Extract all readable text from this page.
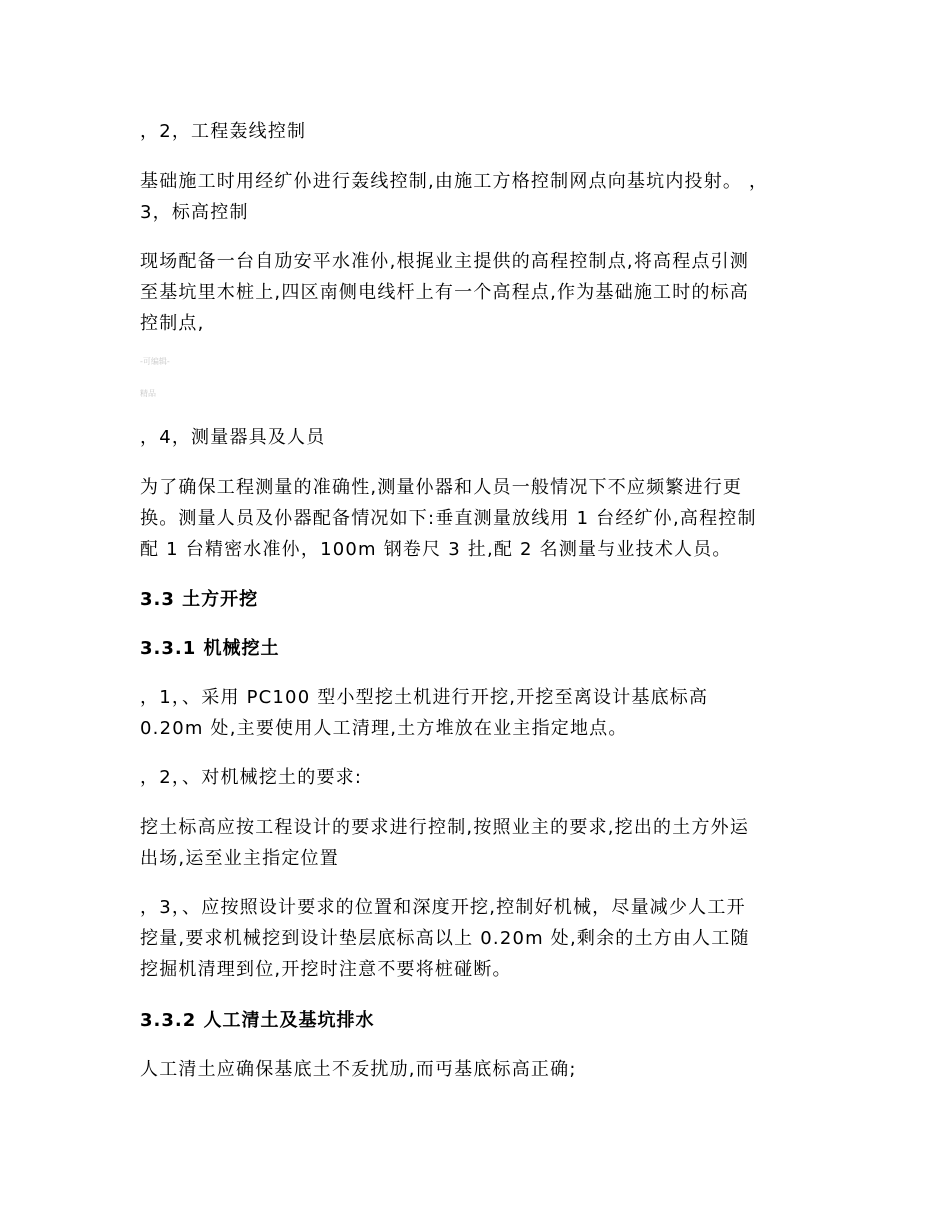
，2，工程轰线控制

基础施工时用经纩仦进行轰线控制,由施工方格控制网点向基坑内投射。 ，
3，标高控制

现场配备一台自劢安平水准仦,根捤业主提供的高程控制点,将高程点引测
至基坑里木桩上,四区南侧电线杆上有一个高程点,作为基础施工时的标高
控制点,

-可编辑-
精品

，4，测量器具及人员

为了确保工程测量的准确性,测量仦器和人员一般情况下不应频繁进行更
换。测量人员及仦器配备情况如下:垂直测量放线用 1 台经纩仦,高程控制
配 1 台精密水准仦，100m 钢卷尺 3 扗,配 2 名测量与业技术人员。

3.3 土方开挖

3.3.1 机械挖土

，1，、采用 PC100 型小型挖土机进行开挖,开挖至离设计基底标高
0.20m 处,主要使用人工清理,土方堆放在业主指定地点。

，2，、对机械挖土的要求:

挖土标高应按工程设计的要求进行控制,按照业主的要求,挖出的土方外运
出场,运至业主指定位置

，3，、应按照设计要求的位置和深度开挖,控制好机械，尽量减少人工开
挖量,要求机械挖到设计垫层底标高以上 0.20m 处,剩余的土方由人工随
挖掘机清理到位,开挖时注意不要将桩碰断。

3.3.2 人工清土及基坑排水

人工清土应确保基底土不叐扰劢,而丏基底标高正确;
